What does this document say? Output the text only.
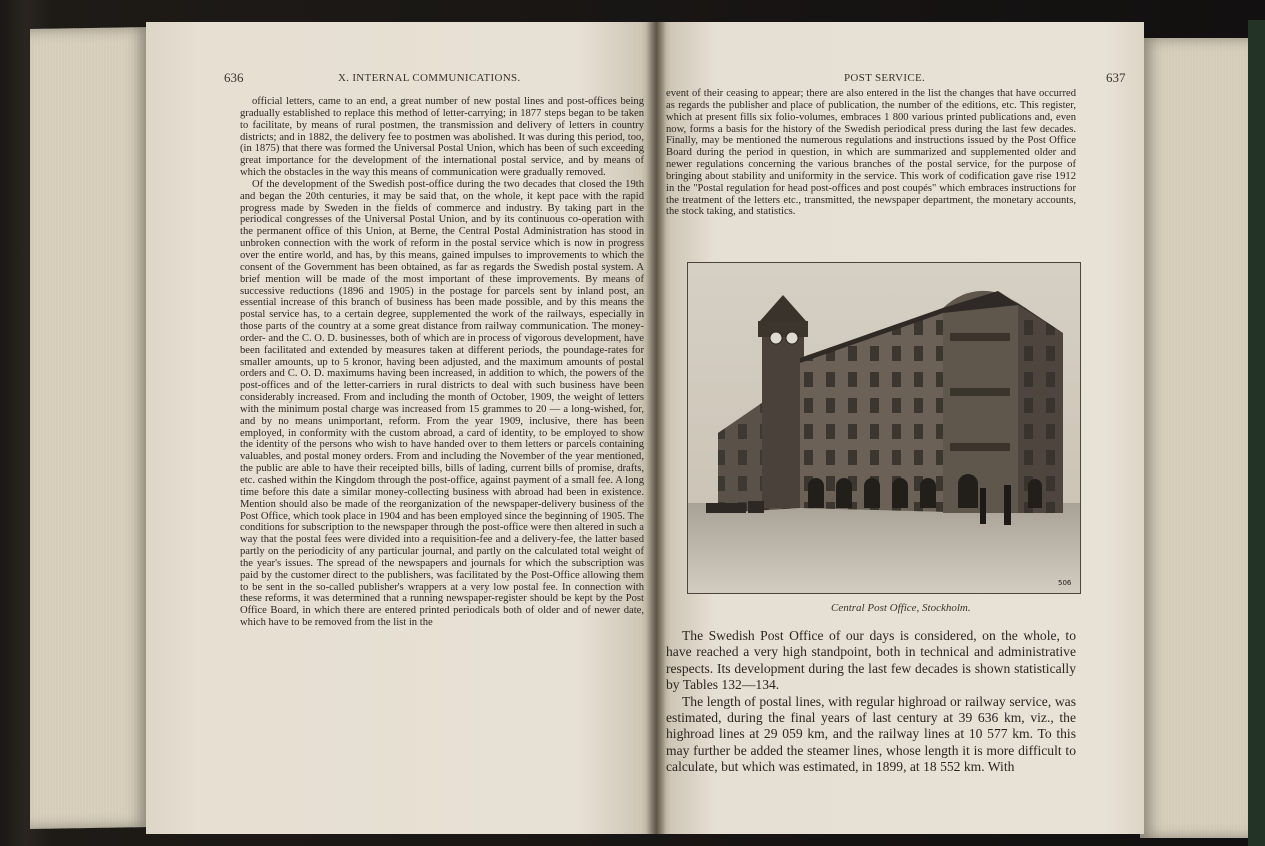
636	X. INTERNAL COMMUNICATIONS.

official letters, came to an end, a great number of new postal lines and post-offices being gradually established to replace this method of letter-carrying; in 1877 steps began to be taken to facilitate, by means of rural postmen, the transmission and delivery of letters in country districts; and in 1882, the delivery fee to postmen was abolished. It was during this period, too, (in 1875) that there was formed the Universal Postal Union, which has been of such exceeding great importance for the development of the international postal service, and by means of which the obstacles in the way this means of communication were gradually removed.

Of the development of the Swedish post-office during the two decades that closed the 19th and began the 20th centuries, it may be said that, on the whole, it kept pace with the rapid progress made by Sweden in the fields of commerce and industry. By taking part in the periodical congresses of the Universal Postal Union, and by its continuous co-operation with the permanent office of this Union, at Berne, the Central Postal Administration has stood in unbroken connection with the work of reform in the postal service which is now in progress over the entire world, and has, by this means, gained impulses to improvements to which the consent of the Government has been obtained, as far as regards the Swedish postal system. A brief mention will be made of the most important of these improvements. By means of successive reductions (1896 and 1905) in the postage for parcels sent by inland post, an essential increase of this branch of business has been made possible, and by this means the postal service has, to a certain degree, supplemented the work of the railways, especially in those parts of the country at a some great distance from railway communication. The money-order- and the C. O. D. businesses, both of which are in process of vigorous development, have been facilitated and extended by measures taken at different periods, the poundage-rates for smaller amounts, up to 5 kronor, having been adjusted, and the maximum amounts of postal orders and C. O. D. maximums having been increased, in addition to which, the powers of the post-offices and of the letter-carriers in rural districts to deal with such business have been considerably increased. From and including the month of October, 1909, the weight of letters with the minimum postal charge was increased from 15 grammes to 20 — a long-wished, for, and by no means unimportant, reform. From the year 1909, inclusive, there has been employed, in conformity with the custom abroad, a card of identity, to be employed to show the identity of the persons who wish to have handed over to them letters or parcels containing valuables, and postal money orders. From and including the November of the year mentioned, the public are able to have their receipted bills, bills of lading, current bills of promise, drafts, etc. cashed within the Kingdom through the post-office, against payment of a small fee. A long time before this date a similar money-collecting business with abroad had been in existence. Mention should also be made of the reorganization of the newspaper-delivery business of the Post Office, which took place in 1904 and has been employed since the beginning of 1905. The conditions for subscription to the newspaper through the post-office were then altered in such a way that the postal fees were divided into a requisition-fee and a delivery-fee, the latter based partly on the periodicity of any particular journal, and partly on the calculated total weight of the year's issues. The spread of the newspapers and journals for which the subscription was paid by the customer direct to the publishers, was facilitated by the Post-Office allowing them to be sent in the so-called publisher's wrappers at a very low postal fee. In connection with these reforms, it was determined that a running newspaper-register should be kept by the Post Office Board, in which there are entered printed periodicals both of older and of newer date, which have to be removed from the list in the

POST SERVICE.	637

event of their ceasing to appear; there are also entered in the list the changes that have occurred as regards the publisher and place of publication, the number of the editions, etc. This register, which at present fills six folio-volumes, embraces 1 800 various printed publications and, even now, forms a basis for the history of the Swedish periodical press during the last few decades. Finally, may be mentioned the numerous regulations and instructions issued by the Post Office Board during the period in question, in which are summarized and supplemented older and newer regulations concerning the various branches of the postal service, for the purpose of bringing about stability and uniformity in the service. This work of codification gave rise 1912 in the "Postal regulation for head post-offices and post coupés" which embraces instructions for the treatment of the letters etc., transmitted, the newspaper department, the monetary accounts, the stock taking, and statistics.

506
Central Post Office, Stockholm.

The Swedish Post Office of our days is considered, on the whole, to have reached a very high standpoint, both in technical and administrative respects. Its development during the last few decades is shown statistically by Tables 132—134.

The length of postal lines, with regular highroad or railway service, was estimated, during the final years of last century at 39 636 km, viz., the highroad lines at 29 059 km, and the railway lines at 10 577 km. To this may further be added the steamer lines, whose length it is more difficult to calculate, but which was estimated, in 1899, at 18 552 km. With
